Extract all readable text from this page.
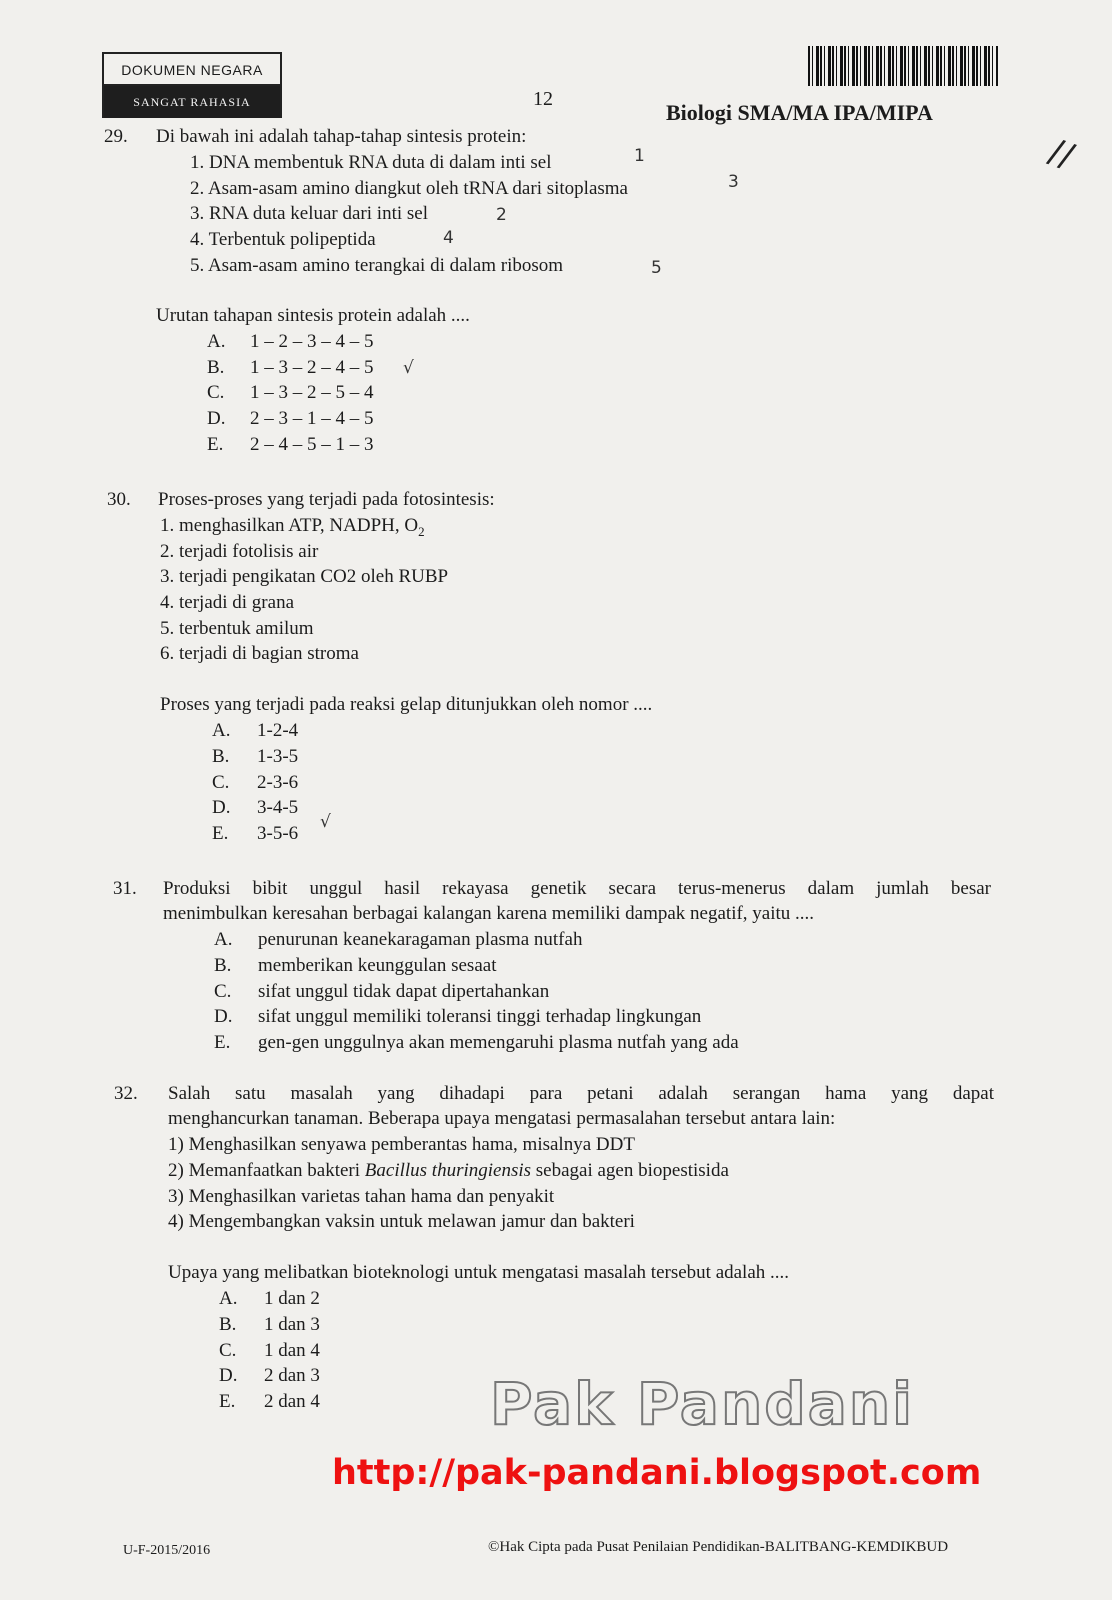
DOKUMEN NEGARA
SANGAT RAHASIA	12
Biologi SMA/MA IPA/MIPA
//
29. Di bawah ini adalah tahap-tahap sintesis protein:
1. DNA membentuk RNA duta di dalam inti sel
2. Asam-asam amino diangkut oleh tRNA dari sitoplasma
3. RNA duta keluar dari inti sel
4. Terbentuk polipeptida
5. Asam-asam amino terangkai di dalam ribosom
1
3
2
4
5
Urutan tahapan sintesis protein adalah ....
A. 1 – 2 – 3 – 4 – 5
B. 1 – 3 – 2 – 4 – 5 √
C. 1 – 3 – 2 – 5 – 4
D. 2 – 3 – 1 – 4 – 5
E. 2 – 4 – 5 – 1 – 3
30. Proses-proses yang terjadi pada fotosintesis:
1. menghasilkan ATP, NADPH, $O_2$
2. terjadi fotolisis air
3. terjadi pengikatan CO2 oleh RUBP
4. terjadi di grana
5. terbentuk amilum
6. terjadi di bagian stroma
Proses yang terjadi pada reaksi gelap ditunjukkan oleh nomor ....
A. 1-2-4
B. 1-3-5
C. 2-3-6
D. 3-4-5
E. 3-5-6
√
31. Produksi bibit unggul hasil rekayasa genetik secara terus-menerus dalam jumlah besar
menimbulkan keresahan berbagai kalangan karena memiliki dampak negatif, yaitu ....
A. penurunan keanekaragaman plasma nutfah
B. memberikan keunggulan sesaat
C. sifat unggul tidak dapat dipertahankan
D. sifat unggul memiliki toleransi tinggi terhadap lingkungan
E. gen-gen unggulnya akan memengaruhi plasma nutfah yang ada
32. Salah satu masalah yang dihadapi para petani adalah serangan hama yang dapat
menghancurkan tanaman. Beberapa upaya mengatasi permasalahan tersebut antara lain:
1) Menghasilkan senyawa pemberantas hama, misalnya DDT
2) Memanfaatkan bakteri Bacillus thuringiensis sebagai agen biopestisida
3) Menghasilkan varietas tahan hama dan penyakit
4) Mengembangkan vaksin untuk melawan jamur dan bakteri
Upaya yang melibatkan bioteknologi untuk mengatasi masalah tersebut adalah ....
A. 1 dan 2
B. 1 dan 3
C. 1 dan 4
D. 2 dan 3
E. 2 dan 4	Pak Pandani
http://pak-pandani.blogspot.com
U-F-2015/2016	©Hak Cipta pada Pusat Penilaian Pendidikan-BALITBANG-KEMDIKBUD
